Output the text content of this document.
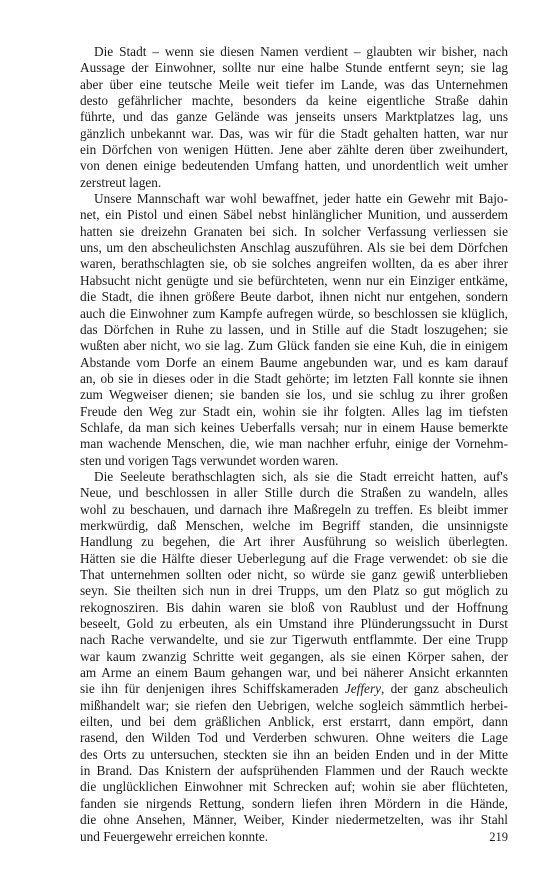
Die Stadt – wenn sie diesen Namen verdient – glaubten wir bisher, nach
Aussage der Einwohner, sollte nur eine halbe Stunde entfernt seyn; sie lag
aber über eine teutsche Meile weit tiefer im Lande, was das Unternehmen
desto gefährlicher machte, besonders da keine eigentliche Straße dahin
führte, und das ganze Gelände was jenseits unsers Marktplatzes lag, uns
gänzlich unbekannt war. Das, was wir für die Stadt gehalten hatten, war nur
ein Dörfchen von wenigen Hütten. Jene aber zählte deren über zweihundert,
von denen einige bedeutenden Umfang hatten, und unordentlich weit umher
zerstreut lagen.
Unsere Mannschaft war wohl bewaffnet, jeder hatte ein Gewehr mit Bajo-
net, ein Pistol und einen Säbel nebst hinlänglicher Munition, und ausserdem
hatten sie dreizehn Granaten bei sich. In solcher Verfassung verliessen sie
uns, um den abscheulichsten Anschlag auszuführen. Als sie bei dem Dörfchen
waren, berathschlagten sie, ob sie solches angreifen wollten, da es aber ihrer
Habsucht nicht genügte und sie befürchteten, wenn nur ein Einziger entkäme,
die Stadt, die ihnen größere Beute darbot, ihnen nicht nur entgehen, sondern
auch die Einwohner zum Kampfe aufregen würde, so beschlossen sie klüglich,
das Dörfchen in Ruhe zu lassen, und in Stille auf die Stadt loszugehen; sie
wußten aber nicht, wo sie lag. Zum Glück fanden sie eine Kuh, die in einigem
Abstande vom Dorfe an einem Baume angebunden war, und es kam darauf
an, ob sie in dieses oder in die Stadt gehörte; im letzten Fall konnte sie ihnen
zum Wegweiser dienen; sie banden sie los, und sie schlug zu ihrer großen
Freude den Weg zur Stadt ein, wohin sie ihr folgten. Alles lag im tiefsten
Schlafe, da man sich keines Ueberfalls versah; nur in einem Hause bemerkte
man wachende Menschen, die, wie man nachher erfuhr, einige der Vornehm-
sten und vorigen Tags verwundet worden waren.
Die Seeleute berathschlagten sich, als sie die Stadt erreicht hatten, auf's
Neue, und beschlossen in aller Stille durch die Straßen zu wandeln, alles
wohl zu beschauen, und darnach ihre Maßregeln zu treffen. Es bleibt immer
merkwürdig, daß Menschen, welche im Begriff standen, die unsinnigste
Handlung zu begehen, die Art ihrer Ausführung so weislich überlegten.
Hätten sie die Hälfte dieser Ueberlegung auf die Frage verwendet: ob sie die
That unternehmen sollten oder nicht, so würde sie ganz gewiß unterblieben
seyn. Sie theilten sich nun in drei Trupps, um den Platz so gut möglich zu
rekognosziren. Bis dahin waren sie bloß von Raublust und der Hoffnung
beseelt, Gold zu erbeuten, als ein Umstand ihre Plünderungssucht in Durst
nach Rache verwandelte, und sie zur Tigerwuth entflammte. Der eine Trupp
war kaum zwanzig Schritte weit gegangen, als sie einen Körper sahen, der
am Arme an einem Baum gehangen war, und bei näherer Ansicht erkannten
sie ihn für denjenigen ihres Schiffskameraden Jeffery, der ganz abscheulich
mißhandelt war; sie riefen den Uebrigen, welche sogleich sämmtlich herbei-
eilten, und bei dem gräßlichen Anblick, erst erstarrt, dann empört, dann
rasend, den Wilden Tod und Verderben schwuren. Ohne weiters die Lage
des Orts zu untersuchen, steckten sie ihn an beiden Enden und in der Mitte
in Brand. Das Knistern der aufsprühenden Flammen und der Rauch weckte
die unglücklichen Einwohner mit Schrecken auf; wohin sie aber flüchteten,
fanden sie nirgends Rettung, sondern liefen ihren Mördern in die Hände,
die ohne Ansehen, Männer, Weiber, Kinder niedermetzelten, was ihr Stahl
und Feuergewehr erreichen konnte.	219
